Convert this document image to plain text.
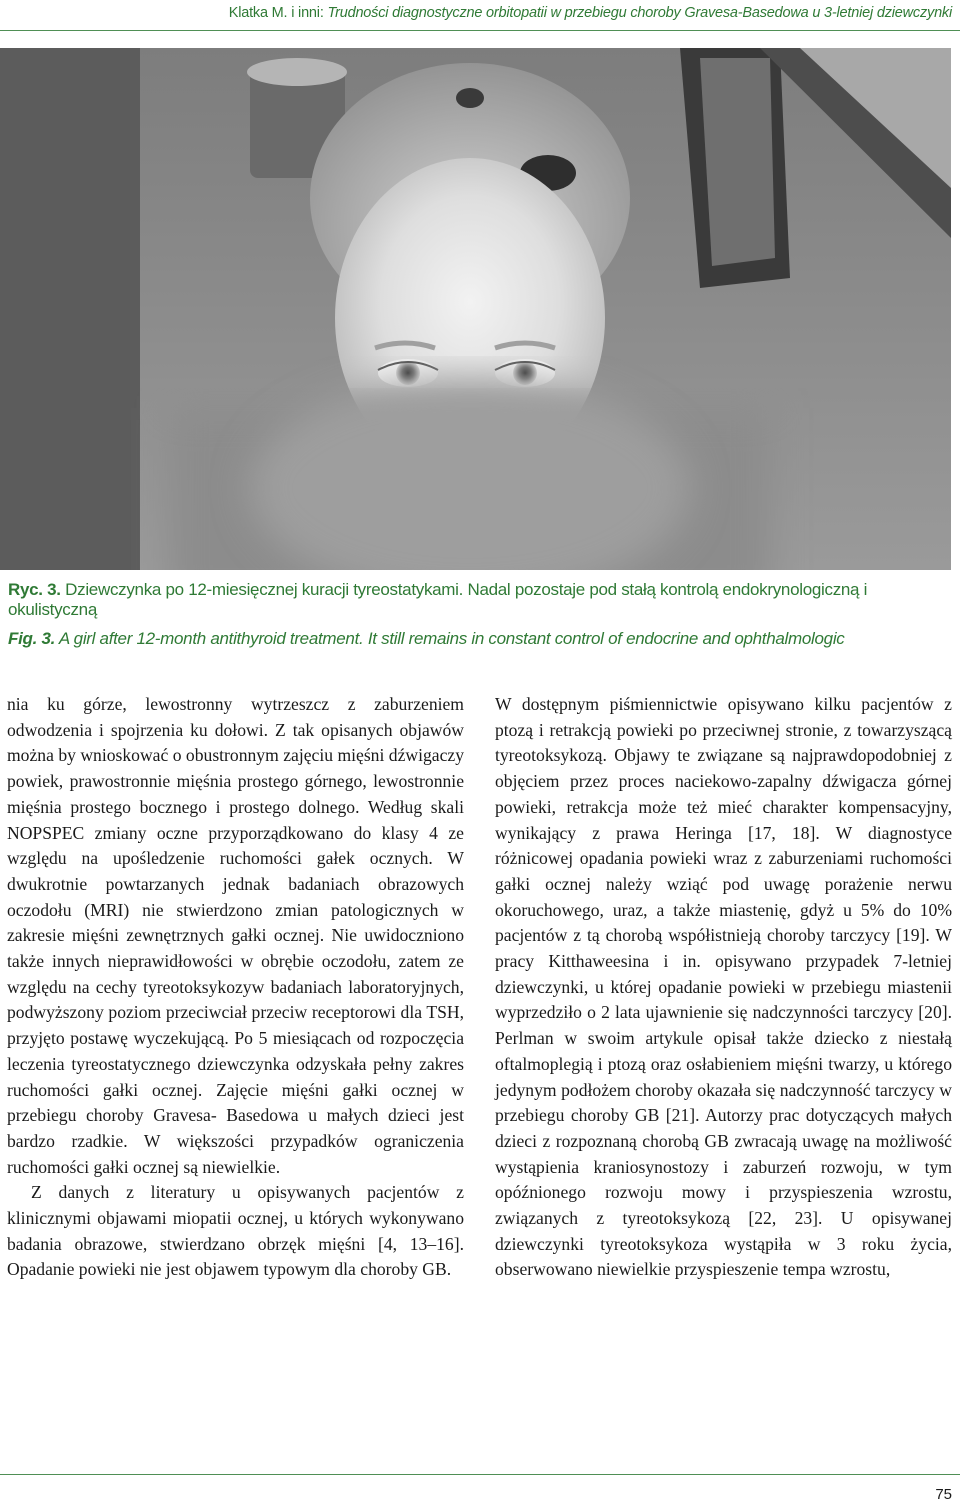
Klatka M. i inni: Trudności diagnostyczne orbitopatii w przebiegu choroby Gravesa-Basedowa u 3-letniej dziewczynki

Ryc. 3. Dziewczynka po 12-miesięcznej kuracji tyreostatykami. Nadal pozostaje pod stałą kontrolą endokrynologiczną i okulistyczną

Fig. 3. A girl after 12-month antithyroid treatment. It still remains in constant control of endocrine and ophthalmologic

nia ku górze, lewostronny wytrzeszcz z zaburzeniem odwodzenia i spojrzenia ku dołowi. Z tak opisanych objawów można by wnioskować o obustronnym zajęciu mięśni dźwigaczy powiek, prawostronnie mięśnia prostego górnego, lewostronnie mięśnia prostego bocznego i prostego dolnego. Według skali NOPSPEC zmiany oczne przyporządkowano do klasy 4 ze względu na upośledzenie ruchomości gałek ocznych. W dwukrotnie powtarzanych jednak badaniach obrazowych oczodołu (MRI) nie stwierdzono zmian patologicznych w zakresie mięśni zewnętrznych gałki ocznej. Nie uwidoczniono także innych nieprawidłowości w obrębie oczodołu, zatem ze względu na cechy tyreotoksykozyw badaniach laboratoryjnych, podwyższony poziom przeciwciał przeciw receptorowi dla TSH, przyjęto postawę wyczekującą. Po 5 miesiącach od rozpoczęcia leczenia tyreostatycznego dziewczynka odzyskała pełny zakres ruchomości gałki ocznej. Zajęcie mięśni gałki ocznej w przebiegu choroby Gravesa- Basedowa u małych dzieci jest bardzo rzadkie. W większości przypadków ograniczenia ruchomości gałki ocznej są niewielkie.

Z danych z literatury u opisywanych pacjentów z klinicznymi objawami miopatii ocznej, u których wykonywano badania obrazowe, stwierdzano obrzęk mięśni [4, 13–16]. Opadanie powieki nie jest objawem typowym dla choroby GB.

W dostępnym piśmiennictwie opisywano kilku pacjentów z ptozą i retrakcją powieki po przeciwnej stronie, z towarzyszącą tyreotoksykozą. Objawy te związane są najprawdopodobniej z objęciem przez proces naciekowo-zapalny dźwigacza górnej powieki, retrakcja może też mieć charakter kompensacyjny, wynikający z prawa Heringa [17, 18]. W diagnostyce różnicowej opadania powieki wraz z zaburzeniami ruchomości gałki ocznej należy wziąć pod uwagę porażenie nerwu okoruchowego, uraz, a także miastenię, gdyż u 5% do 10% pacjentów z tą chorobą współistnieją choroby tarczycy [19]. W pracy Kitthaweesina i in. opisywano przypadek 7-letniej dziewczynki, u której opadanie powieki w przebiegu miastenii wyprzedziło o 2 lata ujawnienie się nadczynności tarczycy [20]. Perlman w swoim artykule opisał także dziecko z niestałą oftalmoplegią i ptozą oraz osłabieniem mięśni twarzy, u którego jedynym podłożem choroby okazała się nadczynność tarczycy w przebiegu choroby GB [21]. Autorzy prac dotyczących małych dzieci z rozpoznaną chorobą GB zwracają uwagę na możliwość wystąpienia kraniosynostozy i zaburzeń rozwoju, w tym opóźnionego rozwoju mowy i przyspieszenia wzrostu, związanych z tyreotoksykozą [22, 23]. U opisywanej dziewczynki tyreotoksykoza wystąpiła w 3 roku życia, obserwowano niewielkie przyspieszenie tempa wzrostu,

75
